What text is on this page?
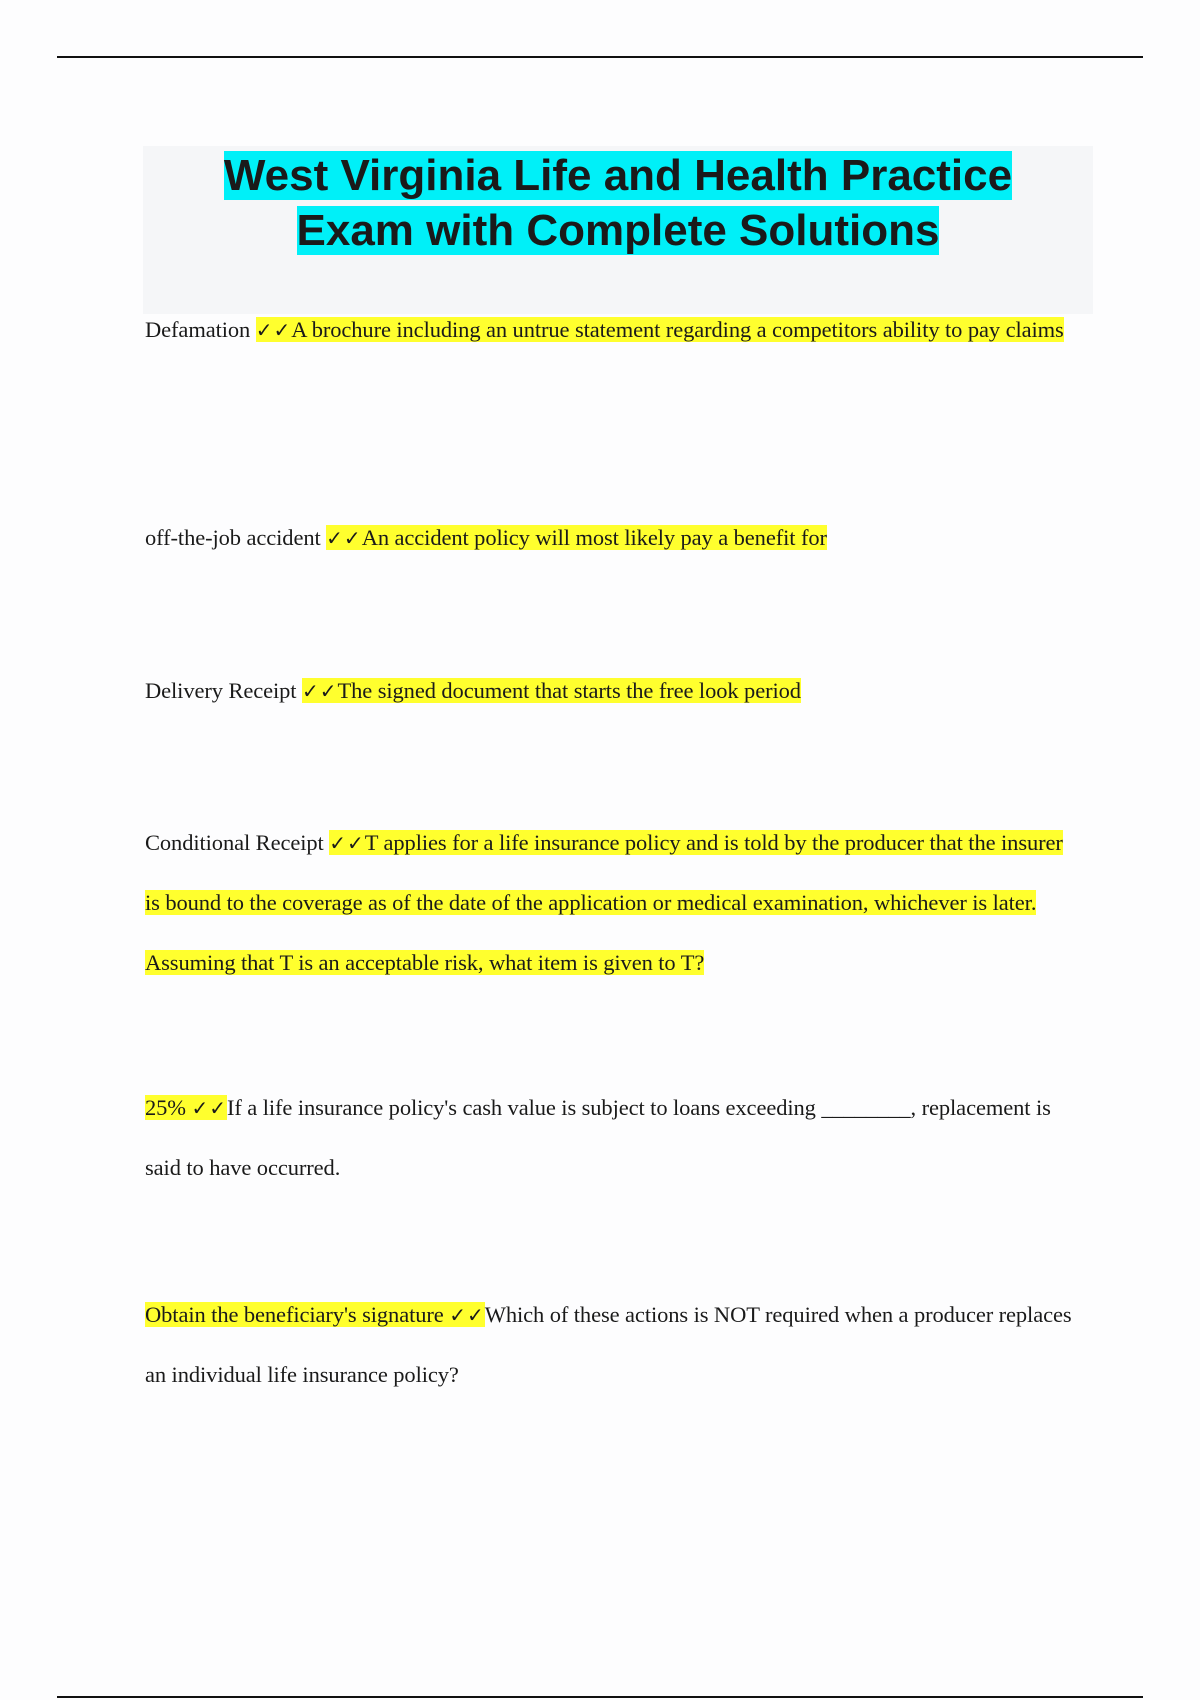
West Virginia Life and Health Practice
Exam with Complete Solutions

Defamation ✓✓A brochure including an untrue statement regarding a competitors ability to pay claims

off-the-job accident ✓✓An accident policy will most likely pay a benefit for

Delivery Receipt ✓✓The signed document that starts the free look period

Conditional Receipt ✓✓T applies for a life insurance policy and is told by the producer that the insurer is bound to the coverage as of the date of the application or medical examination, whichever is later. Assuming that T is an acceptable risk, what item is given to T?

25% ✓✓If a life insurance policy's cash value is subject to loans exceeding ________, replacement is said to have occurred.

Obtain the beneficiary's signature ✓✓Which of these actions is NOT required when a producer replaces an individual life insurance policy?
